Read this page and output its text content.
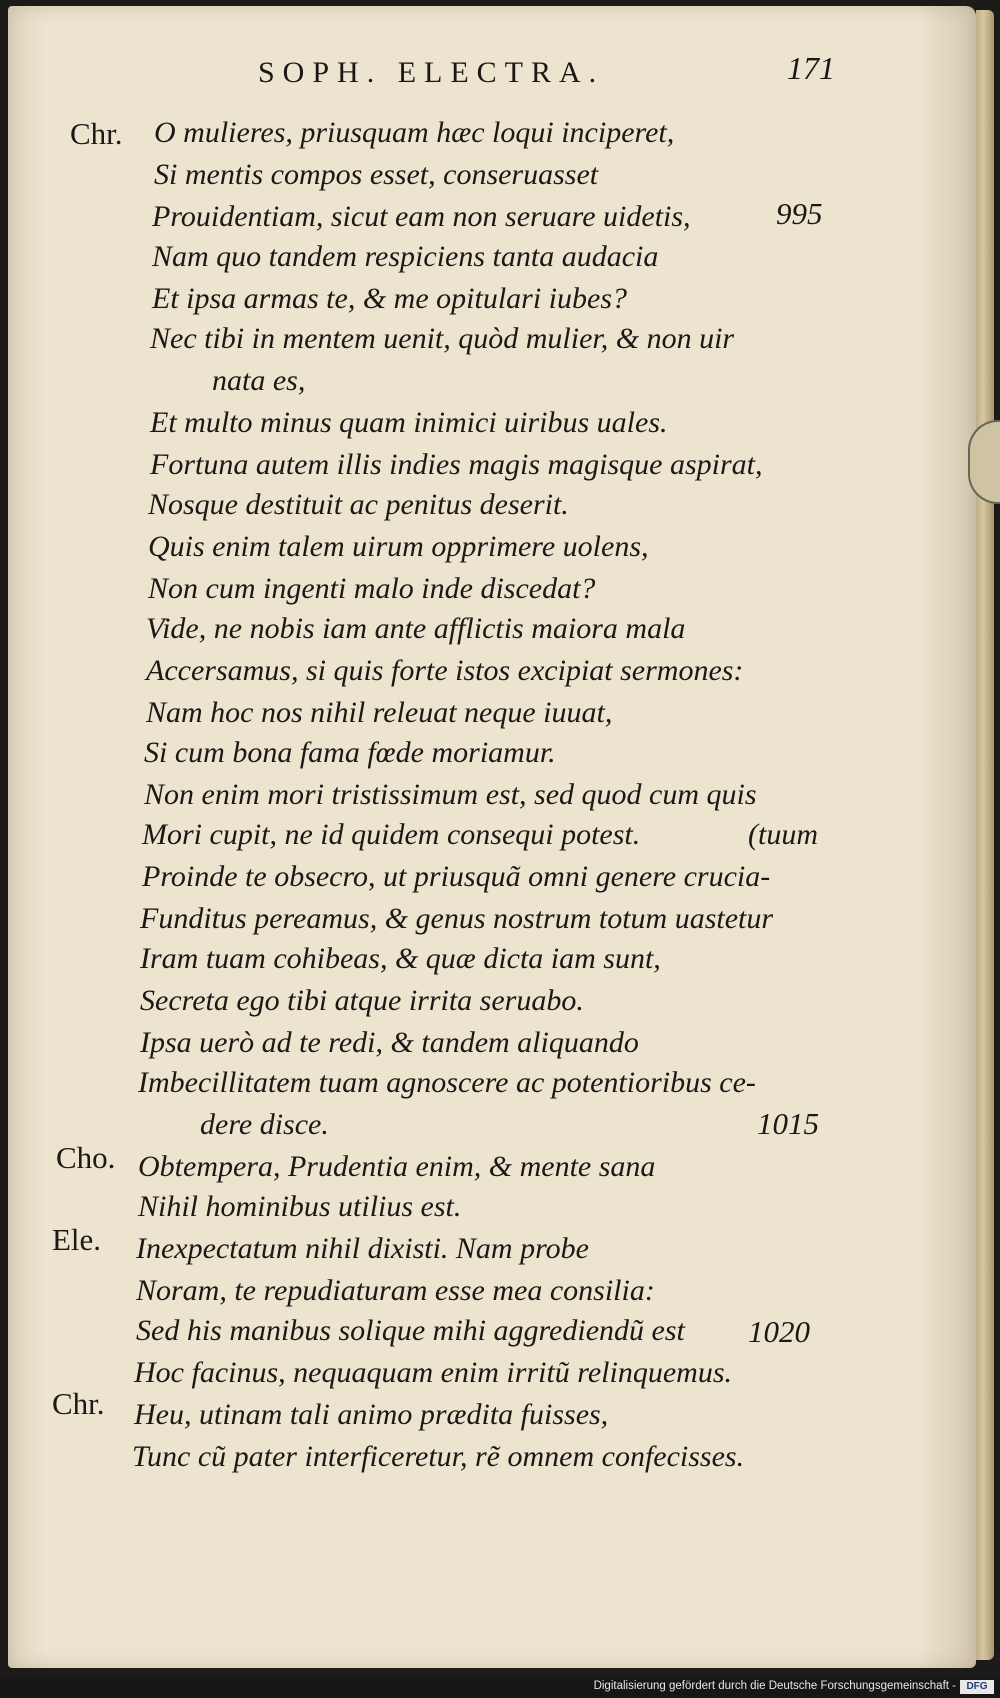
SOPH. ELECTRA.	171
Chr.
Cho.
Ele.
Chr.
O mulieres, priusquam hæc loqui inciperet,
Si mentis compos esset, conseruasset
Prouidentiam, sicut eam non seruare uidetis,
Nam quo tandem respiciens tanta audacia
Et ipsa armas te, & me opitulari iubes?
Nec tibi in mentem uenit, quòd mulier, & non uir
nata es,
Et multo minus quam inimici uiribus uales.
Fortuna autem illis indies magis magisque aspirat,
Nosque destituit ac penitus deserit.
Quis enim talem uirum opprimere uolens,
Non cum ingenti malo inde discedat?
Vide, ne nobis iam ante afflictis maiora mala
Accersamus, si quis forte istos excipiat sermones:
Nam hoc nos nihil releuat neque iuuat,
Si cum bona fama fœde moriamur.
Non enim mori tristissimum est, sed quod cum quis
Mori cupit, ne id quidem consequi potest.	(tuum
Proinde te obsecro, ut priusquã omni genere crucia-
Funditus pereamus, & genus nostrum totum uastetur
Iram tuam cohibeas, & quæ dicta iam sunt,
Secreta ego tibi atque irrita seruabo.
Ipsa uerò ad te redi, & tandem aliquando
Imbecillitatem tuam agnoscere ac potentioribus ce-
dere disce.
Obtempera, Prudentia enim, & mente sana
Nihil hominibus utilius est.
Inexpectatum nihil dixisti. Nam probe
Noram, te repudiaturam esse mea consilia:
Sed his manibus solique mihi aggrediendũ est
Hoc facinus, nequaquam enim irritũ relinquemus.
Heu, utinam tali animo prædita fuisses,
Tunc cũ pater interficeretur, rẽ omnem confecisses.
995
1015
1020
Digitalisierung gefördert durch die Deutsche Forschungsgemeinschaft -	DFG
